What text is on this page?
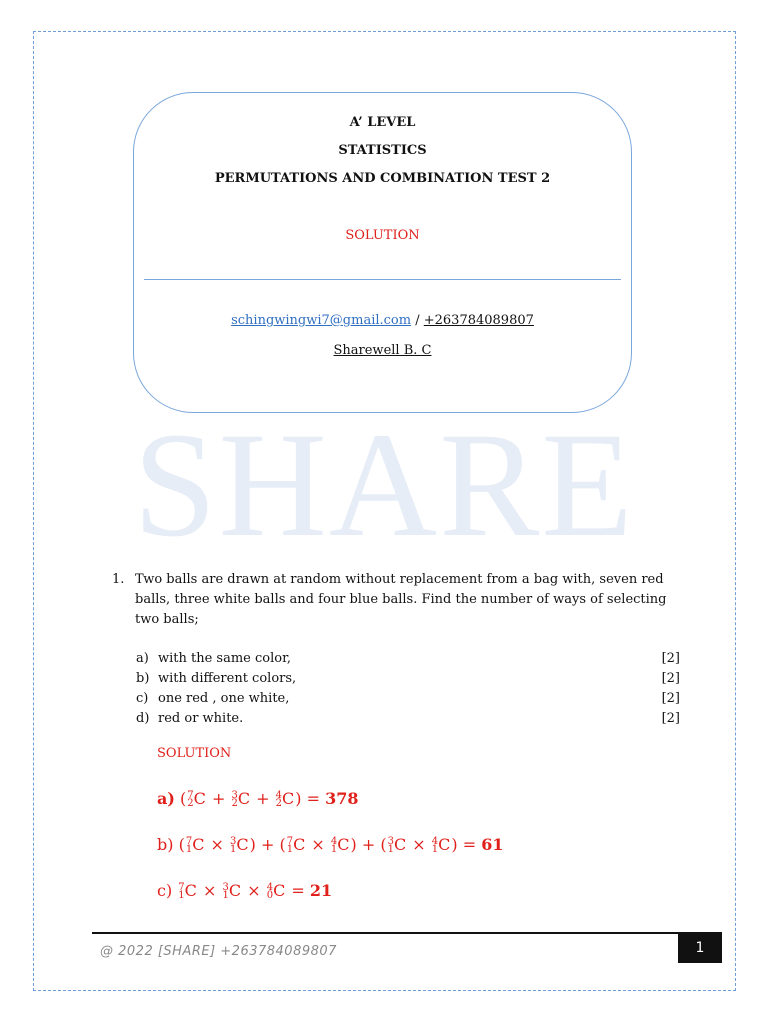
SHARE
A’ LEVEL
STATISTICS
PERMUTATIONS AND COMBINATION TEST 2
SOLUTION
schingwingwi7@gmail.com / +263784089807
Sharewell B. C
1. Two balls are drawn at random without replacement from a bag with, seven red balls, three white balls and four blue balls. Find the number of ways of selecting two balls;
a) with the same color,	[2]
b) with different colors,	[2]
c) one red , one white,	[2]
d) red or white.	[2]
SOLUTION
a) ($^7$
2 C + $^3$
2 C + $^4$
2 C) = 378
b) ($^7$
1 C × $^3$
1 C) + ($^7$
1 C × $^4$
1 C) + ($^3$
1 C × $^4$
1 C) = 61
c) $^7$
1 C × $^3$
1 C × $^4$
0 C = 21
@ 2022 [SHARE] +263784089807	1
